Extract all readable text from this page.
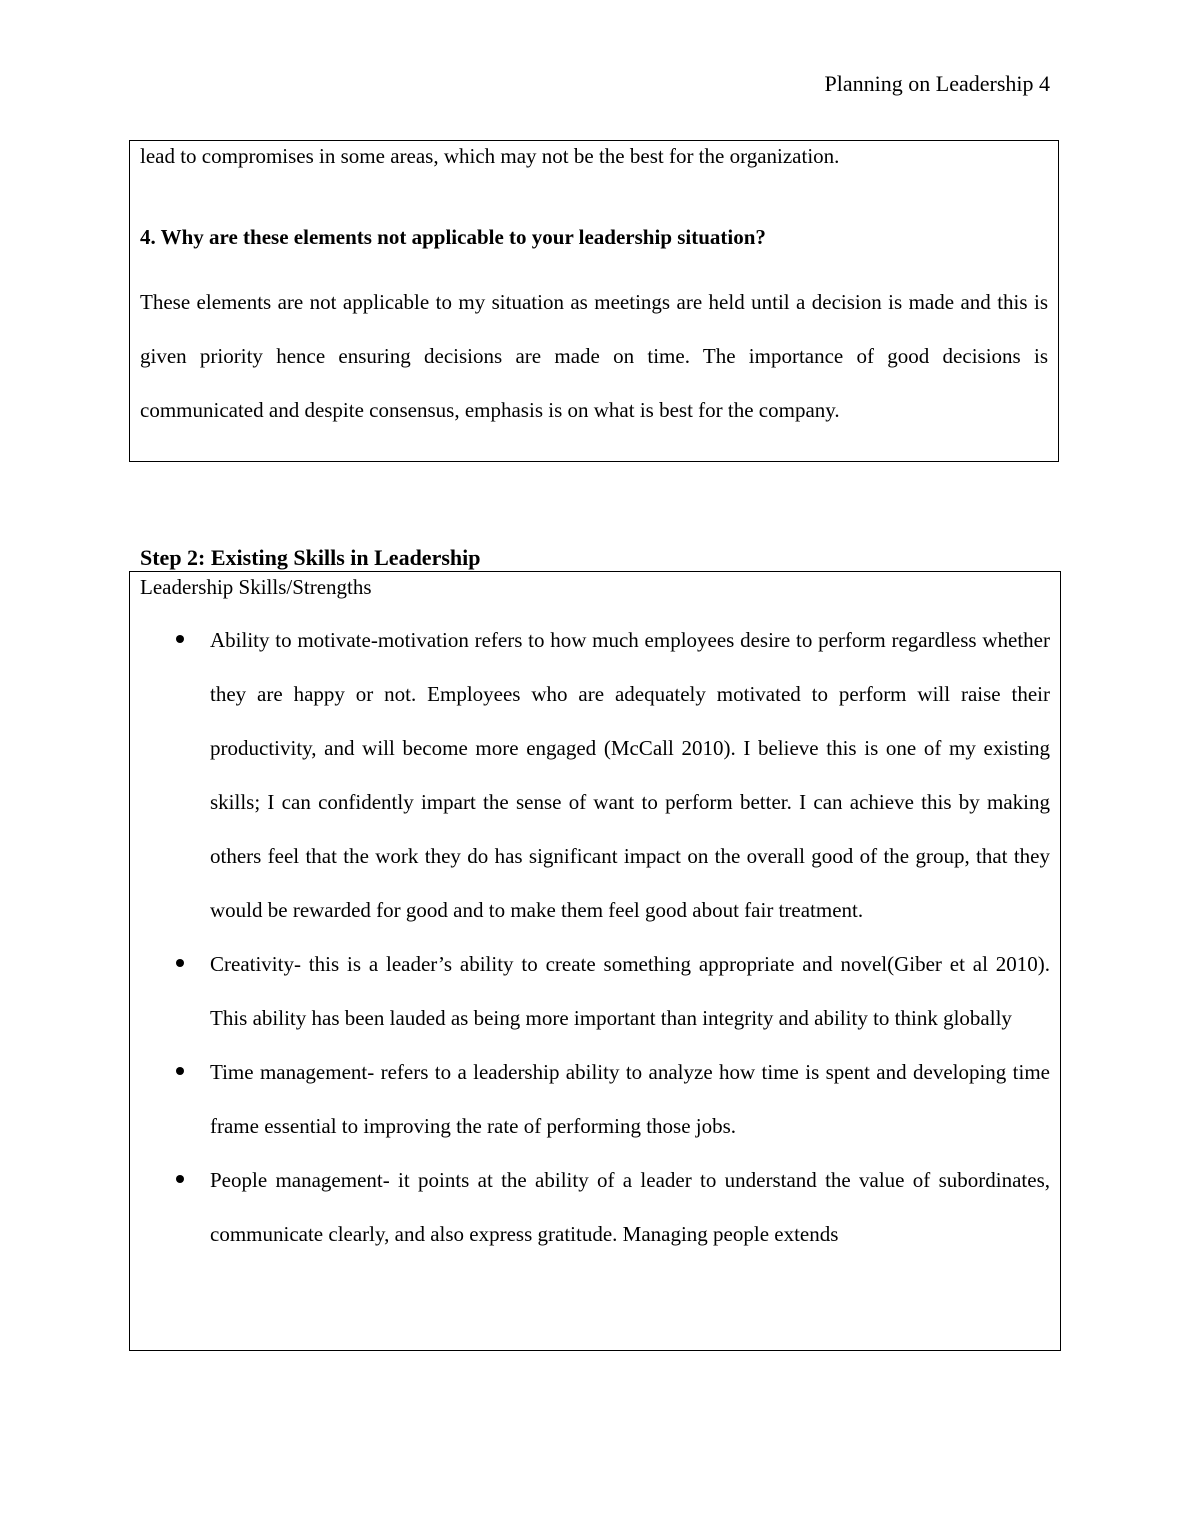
Planning on Leadership 4
lead to compromises in some areas, which may not be the best for the organization.
4. Why are these elements not applicable to your leadership situation?
These elements are not applicable to my situation as meetings are held until a decision is made and this is given priority hence ensuring decisions are made on time. The importance of good decisions is communicated and despite consensus, emphasis is on what is best for the company.
Step 2: Existing Skills in Leadership
Leadership Skills/Strengths
Ability to motivate-motivation refers to how much employees desire to perform regardless whether they are happy or not. Employees who are adequately motivated to perform will raise their productivity, and will become more engaged (McCall 2010). I believe this is one of my existing skills; I can confidently impart the sense of want to perform better. I can achieve this by making others feel that the work they do has significant impact on the overall good of the group, that they would be rewarded for good and to make them feel good about fair treatment.
Creativity- this is a leader’s ability to create something appropriate and novel(Giber et al 2010). This ability has been lauded as being more important than integrity and ability to think globally
Time management- refers to a leadership ability to analyze how time is spent and developing time frame essential to improving the rate of performing those jobs.
People management- it points at the ability of a leader to understand the value of subordinates, communicate clearly, and also express gratitude. Managing people extends
